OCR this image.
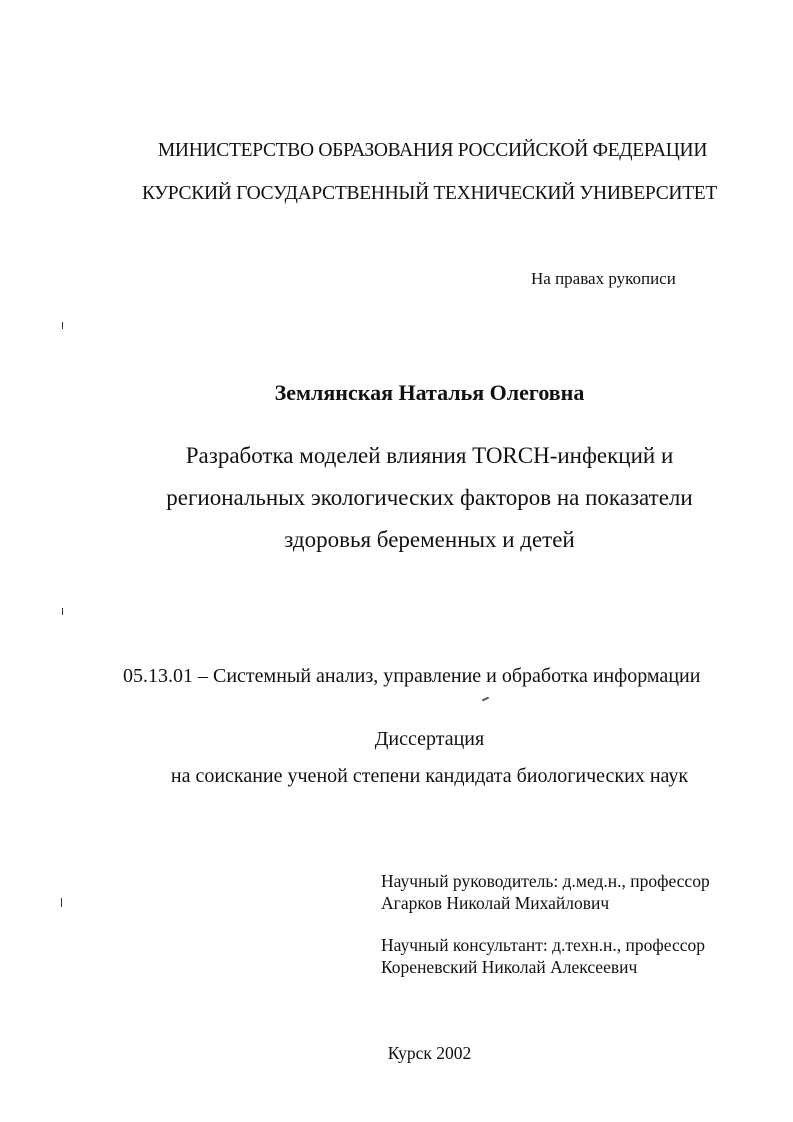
МИНИСТЕРСТВО ОБРАЗОВАНИЯ РОССИЙСКОЙ ФЕДЕРАЦИИ
КУРСКИЙ ГОСУДАРСТВЕННЫЙ ТЕХНИЧЕСКИЙ УНИВЕРСИТЕТ
На правах рукописи
Землянская Наталья Олеговна
Разработка моделей влияния TORCH-инфекций и
региональных экологических факторов на показатели
здоровья беременных и детей
05.13.01 – Системный анализ, управление и обработка информации
Диссертация
на соискание ученой степени кандидата биологических наук
Научный руководитель: д.мед.н., профессор
Агарков Николай Михайлович
Научный консультант: д.техн.н., профессор
Кореневский Николай Алексеевич
Курск 2002
